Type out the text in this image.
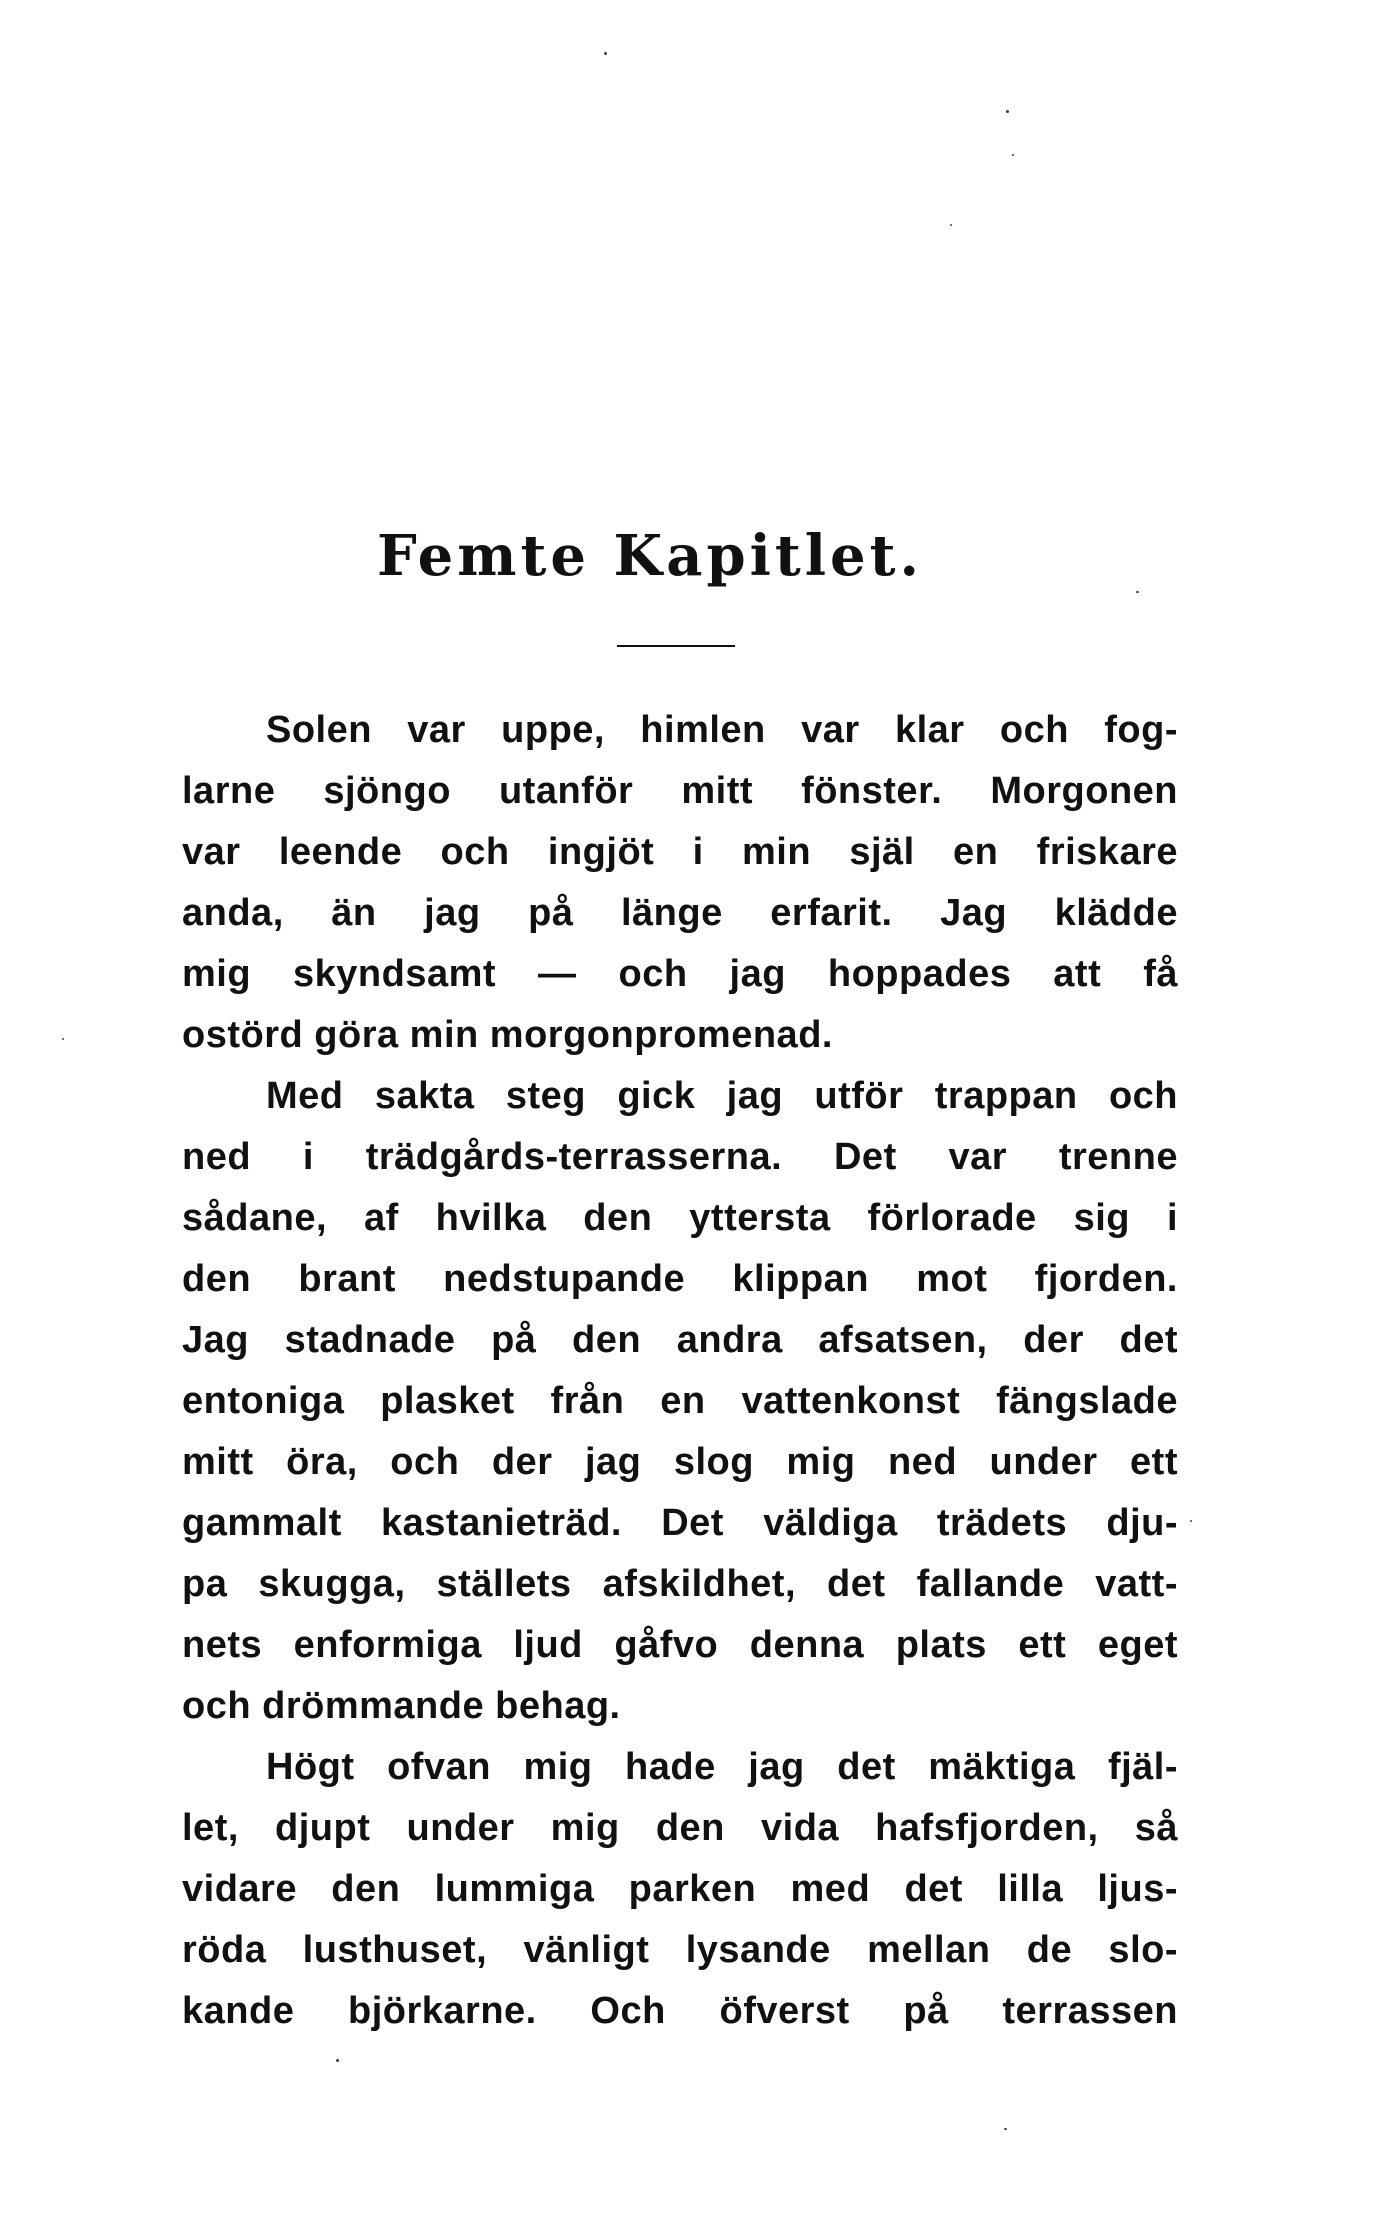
Femte Kapitlet.
Solen var uppe, himlen var klar och fog-
larne sjöngo utanför mitt fönster. Morgonen
var leende och ingjöt i min själ en friskare
anda, än jag på länge erfarit. Jag klädde
mig skyndsamt — och jag hoppades att få
ostörd göra min morgonpromenad.
Med sakta steg gick jag utför trappan och
ned i trädgårds-terrasserna. Det var trenne
sådane, af hvilka den yttersta förlorade sig i
den brant nedstupande klippan mot fjorden.
Jag stadnade på den andra afsatsen, der det
entoniga plasket från en vattenkonst fängslade
mitt öra, och der jag slog mig ned under ett
gammalt kastanieträd. Det väldiga trädets dju-
pa skugga, ställets afskildhet, det fallande vatt-
nets enformiga ljud gåfvo denna plats ett eget
och drömmande behag.
Högt ofvan mig hade jag det mäktiga fjäl-
let, djupt under mig den vida hafsfjorden, så
vidare den lummiga parken med det lilla ljus-
röda lusthuset, vänligt lysande mellan de slo-
kande björkarne. Och öfverst på terrassen
